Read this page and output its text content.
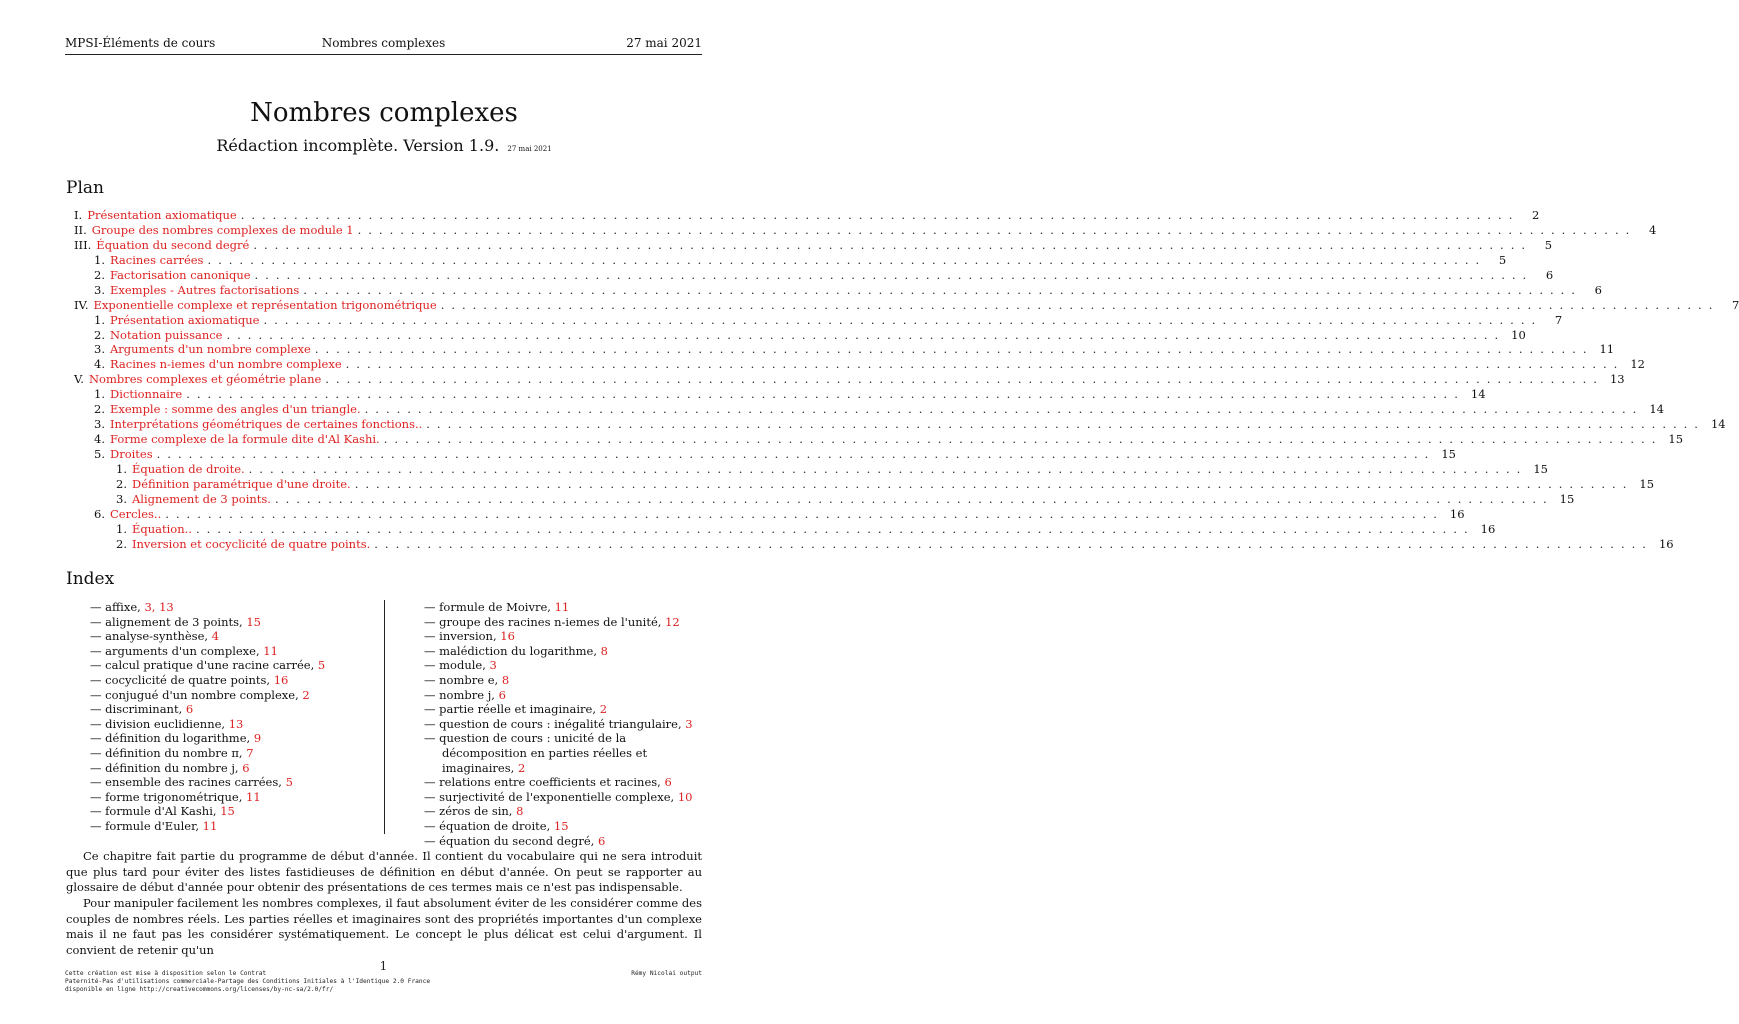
MPSI-Éléments de cours	Nombres complexes	27 mai 2021
Nombres complexes
Rédaction incomplète. Version 1.9. 27 mai 2021
Plan
I. Présentation axiomatique ........................................................................................................................	2
II. Groupe des nombres complexes de module 1 ........................................................................................................................	4
III. Équation du second degré ........................................................................................................................	5
1. Racines carrées ........................................................................................................................	5
2. Factorisation canonique ........................................................................................................................	6
3. Exemples - Autres factorisations ........................................................................................................................	6
IV. Exponentielle complexe et représentation trigonométrique ........................................................................................................................	7
1. Présentation axiomatique ........................................................................................................................	7
2. Notation puissance ........................................................................................................................ 10
3. Arguments d'un nombre complexe ........................................................................................................................ 11
4. Racines n-iemes d'un nombre complexe ........................................................................................................................ 12
V. Nombres complexes et géométrie plane ........................................................................................................................ 13
1. Dictionnaire ........................................................................................................................ 14
2. Exemple : somme des angles d'un triangle. ........................................................................................................................ 14
3. Interprétations géométriques de certaines fonctions.. ........................................................................................................................ 14
4. Forme complexe de la formule dite d'Al Kashi. ........................................................................................................................ 15
5. Droites ........................................................................................................................ 15
1. Équation de droite. ........................................................................................................................ 15
2. Définition paramétrique d'une droite. ........................................................................................................................ 15
3. Alignement de 3 points. ........................................................................................................................ 15
6. Cercles.. ........................................................................................................................ 16
1. Équation.. ........................................................................................................................ 16
2. Inversion et cocyclicité de quatre points. ........................................................................................................................ 16
Index
— affixe, 3, 13
— alignement de 3 points, 15
— analyse-synthèse, 4
— arguments d'un complexe, 11
— calcul pratique d'une racine carrée, 5
— cocyclicité de quatre points, 16
— conjugué d'un nombre complexe, 2
— discriminant, 6
— division euclidienne, 13
— définition du logarithme, 9
— définition du nombre π, 7
— définition du nombre j, 6
— ensemble des racines carrées, 5
— forme trigonométrique, 11
— formule d'Al Kashi, 15
— formule d'Euler, 11
— formule de Moivre, 11
— groupe des racines n-iemes de l'unité, 12
— inversion, 16
— malédiction du logarithme, 8
— module, 3
— nombre e, 8
— nombre j, 6
— partie réelle et imaginaire, 2
— question de cours : inégalité triangulaire, 3
— question de cours : unicité de la décomposition en parties réelles et imaginaires, 2
— relations entre coefficients et racines, 6
— surjectivité de l'exponentielle complexe, 10
— zéros de sin, 8
— équation de droite, 15
— équation du second degré, 6
Ce chapitre fait partie du programme de début d'année. Il contient du vocabulaire qui ne sera introduit que plus tard pour éviter des listes fastidieuses de définition en début d'année. On peut se rapporter au glossaire de début d'année pour obtenir des présentations de ces termes mais ce n'est pas indispensable.
Pour manipuler facilement les nombres complexes, il faut absolument éviter de les considérer comme des couples de nombres réels. Les parties réelles et imaginaires sont des propriétés importantes d'un complexe mais il ne faut pas les considérer systématiquement. Le concept le plus délicat est celui d'argument. Il convient de retenir qu'un
Cette création est mise à disposition selon le Contrat
Paternité-Pas d'utilisations commerciale-Partage des Conditions Initiales à l'Identique 2.0 France
disponible en ligne http://creativecommons.org/licenses/by-nc-sa/2.0/fr/
1
Rémy Nicolai output
